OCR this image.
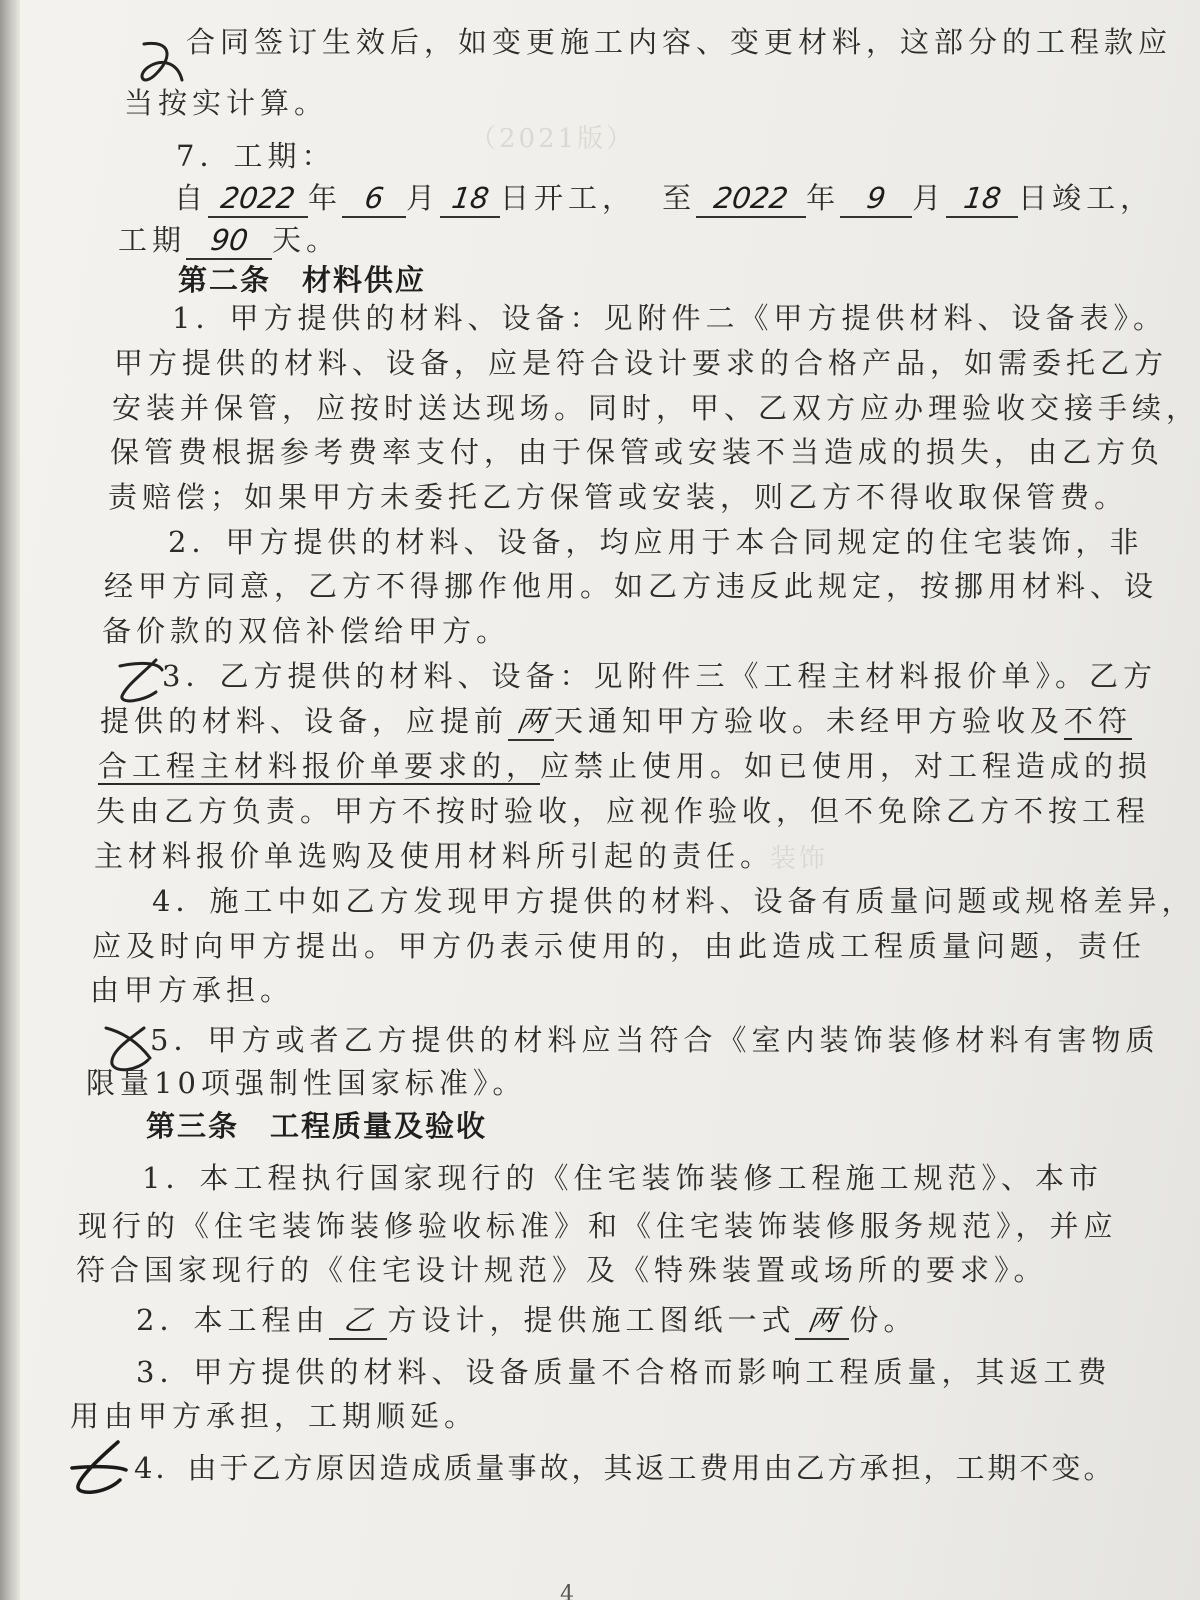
（2021版）
装饰
合同签订生效后，如变更施工内容、变更材料，这部分的工程款应
当按实计算。
7．工期：
自 2022 年 6 月 18 日开工， 至 2022 年 9 月 18 日竣工，
工期 90 天。
第二条　材料供应
1．甲方提供的材料、设备：见附件二《甲方提供材料、设备表》。
甲方提供的材料、设备，应是符合设计要求的合格产品，如需委托乙方
安装并保管，应按时送达现场。同时，甲、乙双方应办理验收交接手续，
保管费根据参考费率支付，由于保管或安装不当造成的损失，由乙方负
责赔偿；如果甲方未委托乙方保管或安装，则乙方不得收取保管费。
2．甲方提供的材料、设备，均应用于本合同规定的住宅装饰，非
经甲方同意，乙方不得挪作他用。如乙方违反此规定，按挪用材料、设
备价款的双倍补偿给甲方。
3．乙方提供的材料、设备：见附件三《工程主材料报价单》。乙方
提供的材料、设备，应提前 两 天通知甲方验收。未经甲方验收及不符
合工程主材料报价单要求的，应禁止使用。如已使用，对工程造成的损
失由乙方负责。甲方不按时验收，应视作验收，但不免除乙方不按工程
主材料报价单选购及使用材料所引起的责任。
4．施工中如乙方发现甲方提供的材料、设备有质量问题或规格差异，
应及时向甲方提出。甲方仍表示使用的，由此造成工程质量问题，责任
由甲方承担。
5．甲方或者乙方提供的材料应当符合《室内装饰装修材料有害物质
限量10项强制性国家标准》。
第三条　工程质量及验收
1．本工程执行国家现行的《住宅装饰装修工程施工规范》、本市
现行的《住宅装饰装修验收标准》和《住宅装饰装修服务规范》，并应
符合国家现行的《住宅设计规范》及《特殊装置或场所的要求》。
2．本工程由 乙 方设计，提供施工图纸一式 两 份。
3．甲方提供的材料、设备质量不合格而影响工程质量，其返工费
用由甲方承担，工期顺延。
4．由于乙方原因造成质量事故，其返工费用由乙方承担，工期不变。
4
